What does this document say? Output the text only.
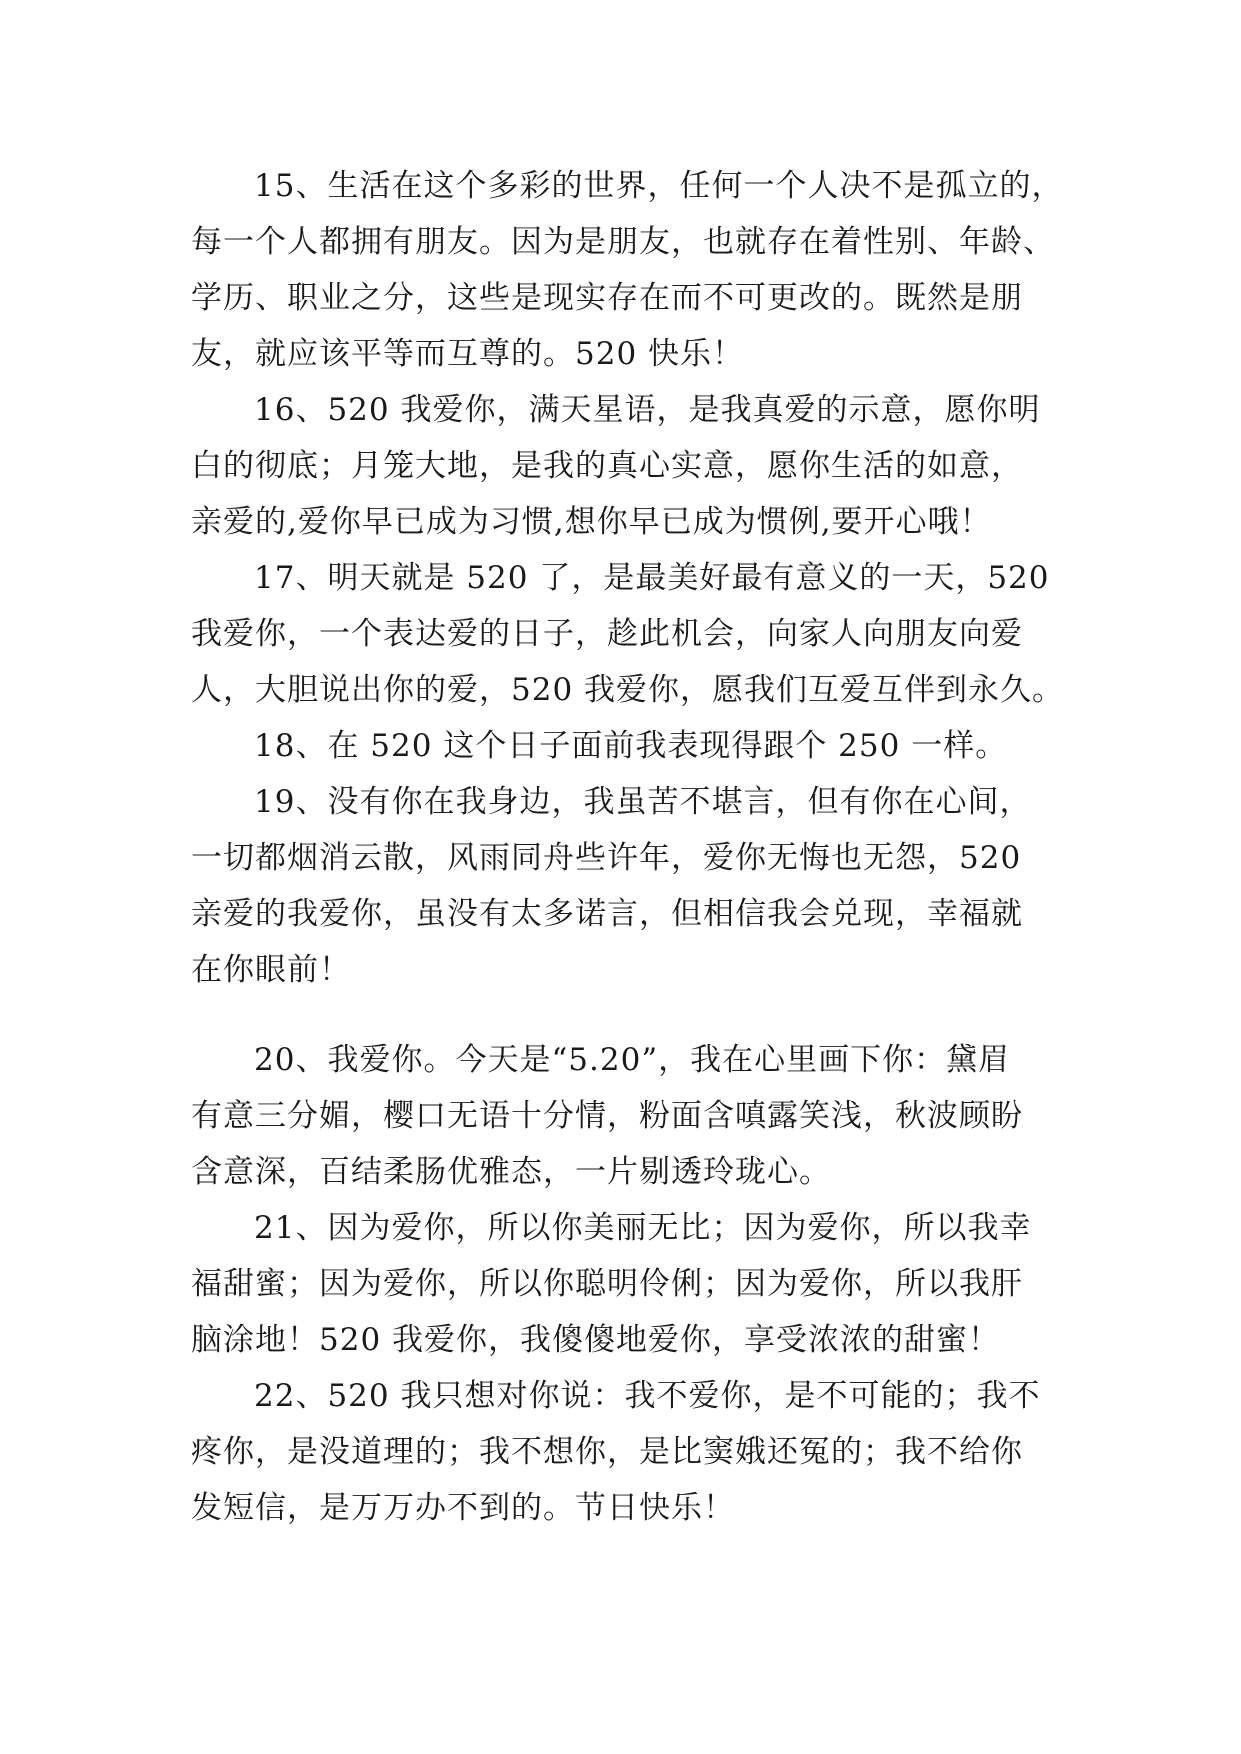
15、生活在这个多彩的世界，任何一个人决不是孤立的，
每一个人都拥有朋友。因为是朋友，也就存在着性别、年龄、
学历、职业之分，这些是现实存在而不可更改的。既然是朋
友，就应该平等而互尊的。520 快乐！
16、520 我爱你，满天星语，是我真爱的示意，愿你明
白的彻底；月笼大地，是我的真心实意，愿你生活的如意，
亲爱的,爱你早已成为习惯,想你早已成为惯例,要开心哦！
17、明天就是 520 了，是最美好最有意义的一天，520
我爱你，一个表达爱的日子，趁此机会，向家人向朋友向爱
人，大胆说出你的爱，520 我爱你，愿我们互爱互伴到永久。
18、在 520 这个日子面前我表现得跟个 250 一样。
19、没有你在我身边，我虽苦不堪言，但有你在心间，
一切都烟消云散，风雨同舟些许年，爱你无悔也无怨，520
亲爱的我爱你，虽没有太多诺言，但相信我会兑现，幸福就
在你眼前！
20、我爱你。今天是“5.20”，我在心里画下你：黛眉
有意三分媚，樱口无语十分情，粉面含嗔露笑浅，秋波顾盼
含意深，百结柔肠优雅态，一片剔透玲珑心。
21、因为爱你，所以你美丽无比；因为爱你，所以我幸
福甜蜜；因为爱你，所以你聪明伶俐；因为爱你，所以我肝
脑涂地！520 我爱你，我傻傻地爱你，享受浓浓的甜蜜！
22、520 我只想对你说：我不爱你，是不可能的；我不
疼你，是没道理的；我不想你，是比窦娥还冤的；我不给你
发短信，是万万办不到的。节日快乐！
